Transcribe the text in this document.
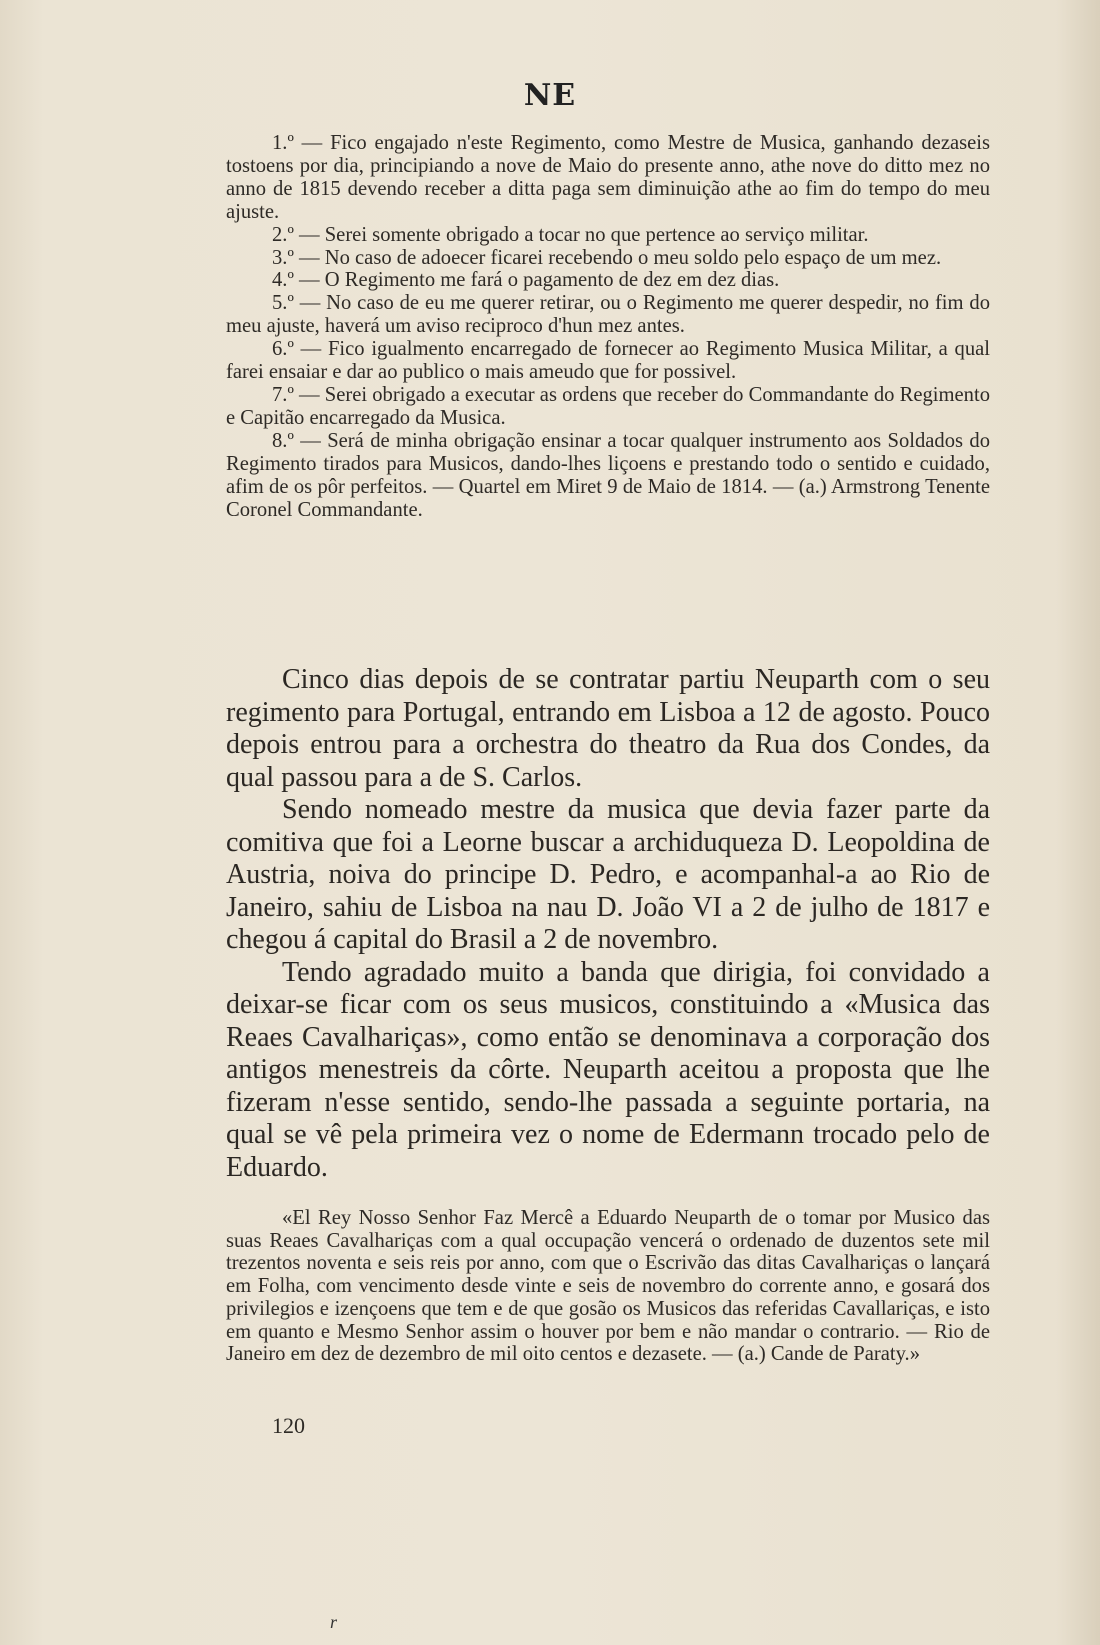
NE

1.º — Fico engajado n'este Regimento, como Mestre de Musica, ganhando dezaseis tostoens por dia, principiando a nove de Maio do presente anno, athe nove do ditto mez no anno de 1815 devendo receber a ditta paga sem diminuição athe ao fim do tempo do meu ajuste.

2.º — Serei somente obrigado a tocar no que pertence ao serviço militar.

3.º — No caso de adoecer ficarei recebendo o meu soldo pelo espaço de um mez.

4.º — O Regimento me fará o pagamento de dez em dez dias.

5.º — No caso de eu me querer retirar, ou o Regimento me querer despedir, no fim do meu ajuste, haverá um aviso reciproco d'hun mez antes.

6.º — Fico igualmento encarregado de fornecer ao Regimento Musica Militar, a qual farei ensaiar e dar ao publico o mais ameudo que for possivel.

7.º — Serei obrigado a executar as ordens que receber do Commandante do Regimento e Capitão encarregado da Musica.

8.º — Será de minha obrigação ensinar a tocar qualquer instrumento aos Soldados do Regimento tirados para Musicos, dando-lhes liçoens e prestando todo o sentido e cuidado, afim de os pôr perfeitos. — Quartel em Miret 9 de Maio de 1814. — (a.) Armstrong Tenente Coronel Commandante.

Cinco dias depois de se contratar partiu Neuparth com o seu regimento para Portugal, entrando em Lisboa a 12 de agosto. Pouco depois entrou para a orchestra do theatro da Rua dos Condes, da qual passou para a de S. Carlos.

Sendo nomeado mestre da musica que devia fazer parte da comitiva que foi a Leorne buscar a archiduqueza D. Leopoldina de Austria, noiva do principe D. Pedro, e acompanhal-a ao Rio de Janeiro, sahiu de Lisboa na nau D. João VI a 2 de julho de 1817 e chegou á capital do Brasil a 2 de novembro.

Tendo agradado muito a banda que dirigia, foi convidado a deixar-se ficar com os seus musicos, constituindo a «Musica das Reaes Cavalhariças», como então se denominava a corporação dos antigos menestreis da côrte. Neuparth aceitou a proposta que lhe fizeram n'esse sentido, sendo-lhe passada a seguinte portaria, na qual se vê pela primeira vez o nome de Edermann trocado pelo de Eduardo.

«El Rey Nosso Senhor Faz Mercê a Eduardo Neuparth de o tomar por Musico das suas Reaes Cavalhariças com a qual occupação vencerá o ordenado de duzentos sete mil trezentos noventa e seis reis por anno, com que o Escrivão das ditas Cavalhariças o lançará em Folha, com vencimento desde vinte e seis de novembro do corrente anno, e gosará dos privilegios e izençoens que tem e de que gosão os Musicos das referidas Cavallariças, e isto em quanto e Mesmo Senhor assim o houver por bem e não mandar o contrario. — Rio de Janeiro em dez de dezembro de mil oito centos e dezasete. — (a.) Cande de Paraty.»

120
r
